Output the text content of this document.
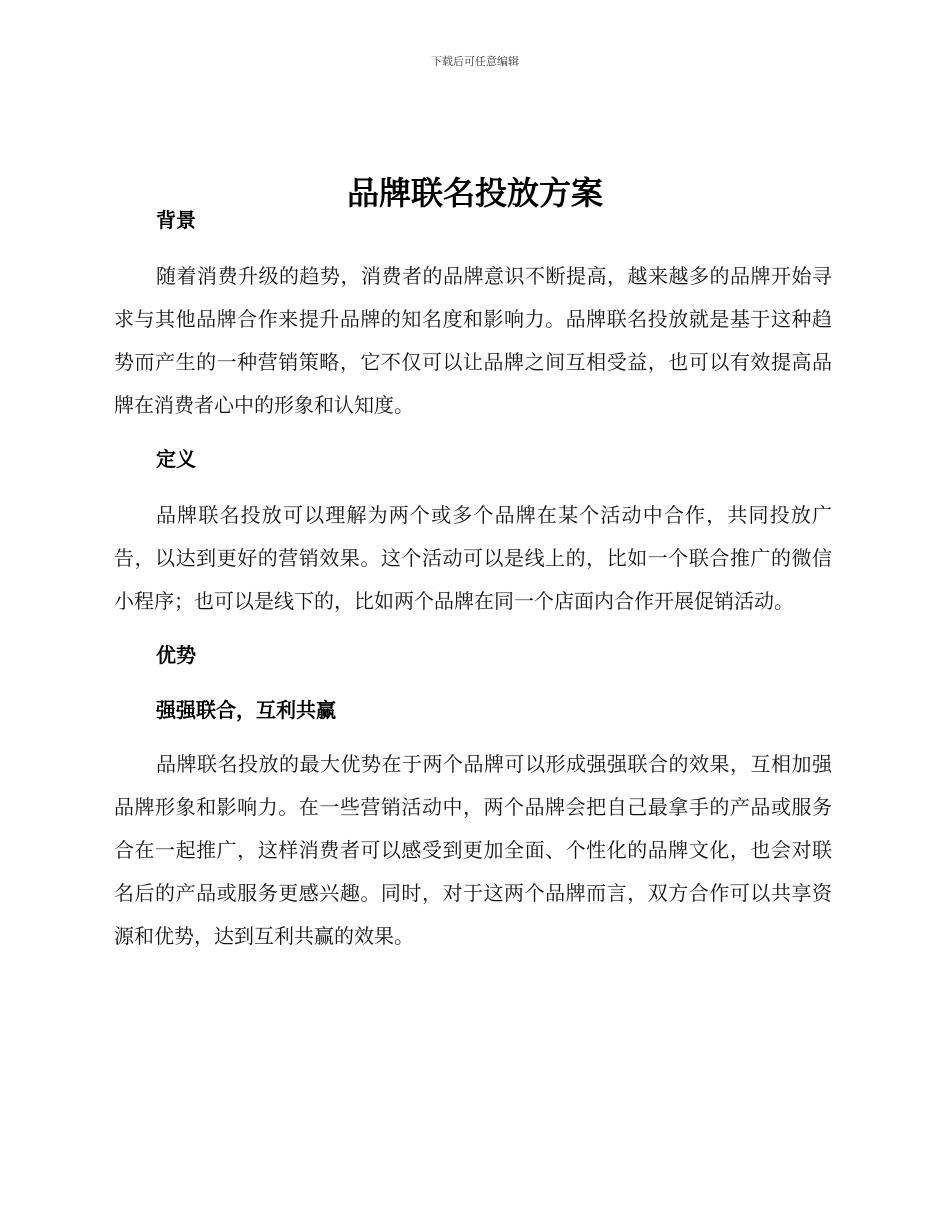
下载后可任意编辑
品牌联名投放方案
背景

随着消费升级的趋势，消费者的品牌意识不断提高，越来越多的品牌开始寻求与其他品牌合作来提升品牌的知名度和影响力。品牌联名投放就是基于这种趋势而产生的一种营销策略，它不仅可以让品牌之间互相受益，也可以有效提高品牌在消费者心中的形象和认知度。

定义

品牌联名投放可以理解为两个或多个品牌在某个活动中合作，共同投放广告，以达到更好的营销效果。这个活动可以是线上的，比如一个联合推广的微信小程序；也可以是线下的，比如两个品牌在同一个店面内合作开展促销活动。

优势
强强联合，互利共赢

品牌联名投放的最大优势在于两个品牌可以形成强强联合的效果，互相加强品牌形象和影响力。在一些营销活动中，两个品牌会把自己最拿手的产品或服务合在一起推广，这样消费者可以感受到更加全面、个性化的品牌文化，也会对联名后的产品或服务更感兴趣。同时，对于这两个品牌而言，双方合作可以共享资源和优势，达到互利共赢的效果。
